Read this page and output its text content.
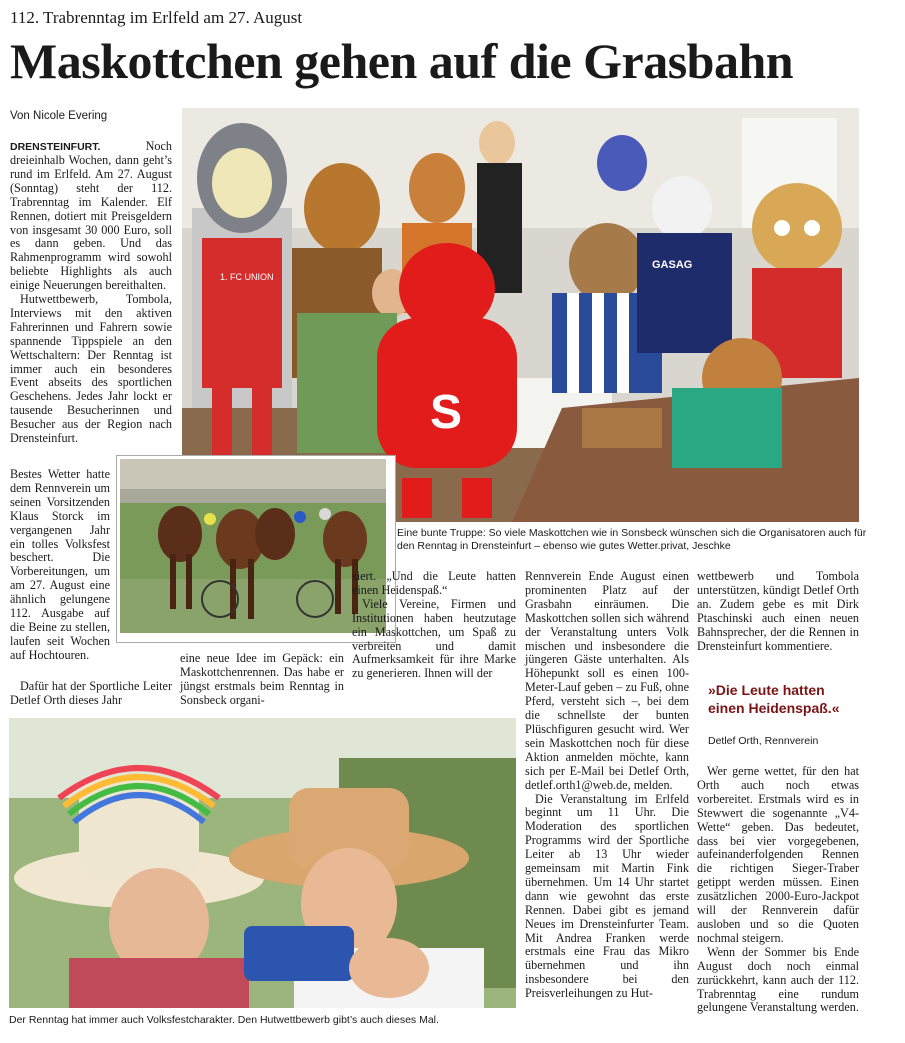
112. Trabrenntag im Erlfeld am 27. August
Maskottchen gehen auf die Grasbahn
Von Nicole Evering
1. FC UNION
S
GASAG
Eine bunte Truppe: So viele Maskottchen wie in Sonsbeck wünschen sich die Organisatoren auch für den Renntag in Drensteinfurt – ebenso wie gutes Wetter.privat, Jeschke

DRENSTEINFURT. Noch dreieinhalb Wochen, dann geht’s rund im Erlfeld. Am 27. August (Sonntag) steht der 112. Trabrenntag im Kalender. Elf Rennen, dotiert mit Preisgeldern von insgesamt 30 000 Euro, soll es dann geben. Und das Rahmenprogramm wird sowohl beliebte Highlights als auch einige Neuerungen bereithalten.

Hutwettbewerb, Tombola, Interviews mit den aktiven Fahrerinnen und Fahrern sowie spannende Tippspiele an den Wettschaltern: Der Renntag ist immer auch ein besonderes Event abseits des sportlichen Geschehens. Jedes Jahr lockt er tausende Besucherinnen und Besucher aus der Region nach Drensteinfurt.

Bestes Wetter hatte dem Rennverein um seinen Vorsitzenden Klaus Storck im vergangenen Jahr ein tolles Volksfest beschert. Die Vorbereitungen, um am 27. August eine ähnlich gelungene 112. Ausgabe auf die Beine zu stellen, laufen seit Wochen auf Hochtouren.

Dafür hat der Sportliche Leiter Detlef Orth dieses Jahr

eine neue Idee im Gepäck: ein Maskottchenrennen. Das habe er jüngst erstmals beim Renntag in Sonsbeck organi-

siert. „Und die Leute hatten einen Heidenspaß.“

Viele Vereine, Firmen und Institutionen haben heutzutage ein Maskottchen, um Spaß zu verbreiten und damit Aufmerksamkeit für ihre Marke zu generieren. Ihnen will der

Rennverein Ende August einen prominenten Platz auf der Grasbahn einräumen. Die Maskottchen sollen sich während der Veranstaltung unters Volk mischen und insbesondere die jüngeren Gäste unterhalten. Als Höhepunkt soll es einen 100-Meter-Lauf geben – zu Fuß, ohne Pferd, versteht sich –, bei dem die schnellste der bunten Plüschfiguren gesucht wird. Wer sein Maskottchen noch für diese Aktion anmelden möchte, kann sich per E-Mail bei Detlef Orth, detlef.orth1@web.de, melden.

Die Veranstaltung im Erlfeld beginnt um 11 Uhr. Die Moderation des sportlichen Programms wird der Sportliche Leiter ab 13 Uhr wieder gemeinsam mit Martin Fink übernehmen. Um 14 Uhr startet dann wie gewohnt das erste Rennen. Dabei gibt es jemand Neues im Drensteinfurter Team. Mit Andrea Franken werde erstmals eine Frau das Mikro übernehmen und ihn insbesondere bei den Preisverleihungen zu Hut-

wettbewerb und Tombola unterstützen, kündigt Detlef Orth an. Zudem gebe es mit Dirk Ptaschinski auch einen neuen Bahnsprecher, der die Rennen in Drensteinfurt kommentiere.

»Die Leute hatten einen Heidenspaß.«
Detlef Orth, Rennverein

Wer gerne wettet, für den hat Orth auch noch etwas vorbereitet. Erstmals wird es in Stewwert die sogenannte „V4-Wette“ geben. Das bedeutet, dass bei vier vorgegebenen, aufeinanderfolgenden Rennen die richtigen Sieger-Traber getippt werden müssen. Einen zusätzlichen 2000-Euro-Jackpot will der Rennverein dafür ausloben und so die Quoten nochmal steigern.

Wenn der Sommer bis Ende August doch noch einmal zurückkehrt, kann auch der 112. Trabrenntag eine rundum gelungene Veranstaltung werden.

Der Renntag hat immer auch Volksfestcharakter. Den Hutwettbewerb gibt’s auch dieses Mal.
